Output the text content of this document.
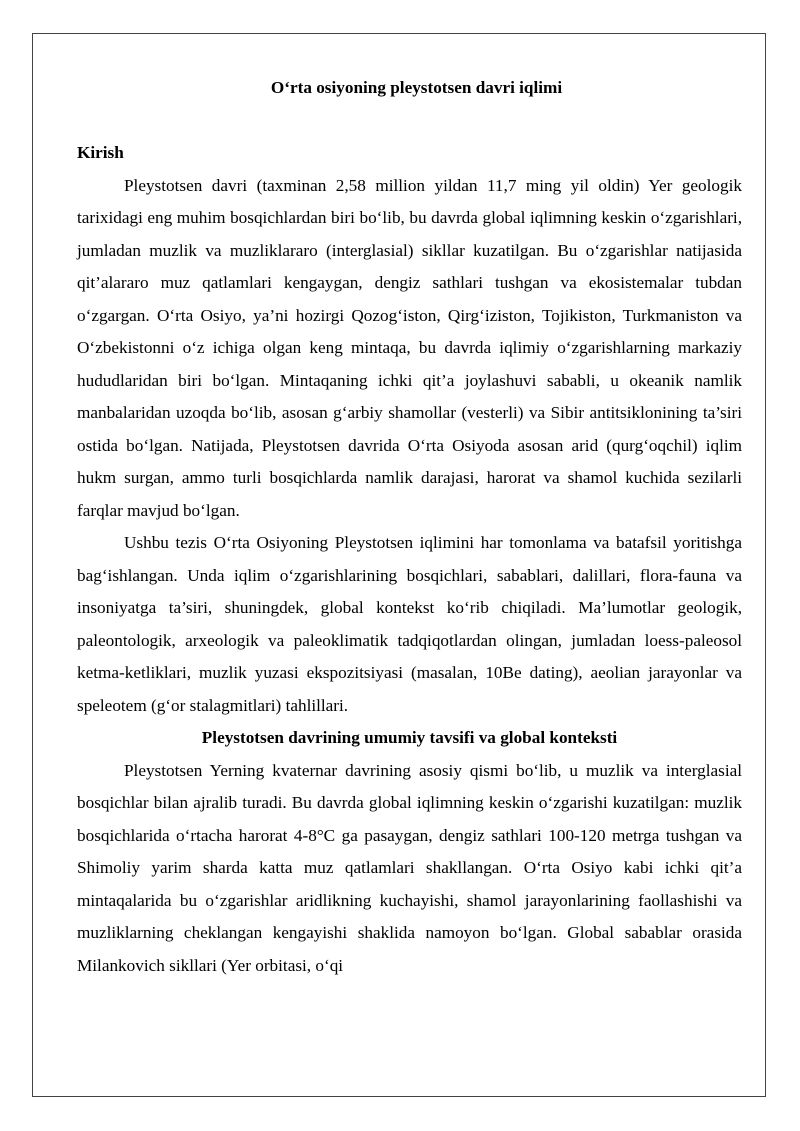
O‘rta osiyoning pleystotsen davri iqlimi

Kirish

Pleystotsen davri (taxminan 2,58 million yildan 11,7 ming yil oldin) Yer geologik tarixidagi eng muhim bosqichlardan biri bo‘lib, bu davrda global iqlimning keskin o‘zgarishlari, jumladan muzlik va muzliklararo (interglasial) sikllar kuzatilgan. Bu o‘zgarishlar natijasida qit’alararo muz qatlamlari kengaygan, dengiz sathlari tushgan va ekosistemalar tubdan o‘zgargan. O‘rta Osiyo, ya’ni hozirgi Qozog‘iston, Qirg‘iziston, Tojikiston, Turkmaniston va O‘zbekistonni o‘z ichiga olgan keng mintaqa, bu davrda iqlimiy o‘zgarishlarning markaziy hududlaridan biri bo‘lgan. Mintaqaning ichki qit’a joylashuvi sababli, u okeanik namlik manbalaridan uzoqda bo‘lib, asosan g‘arbiy shamollar (vesterli) va Sibir antitsiklonining ta’siri ostida bo‘lgan. Natijada, Pleystotsen davrida O‘rta Osiyoda asosan arid (qurg‘oqchil) iqlim hukm surgan, ammo turli bosqichlarda namlik darajasi, harorat va shamol kuchida sezilarli farqlar mavjud bo‘lgan.

Ushbu tezis O‘rta Osiyoning Pleystotsen iqlimini har tomonlama va batafsil yoritishga bag‘ishlangan. Unda iqlim o‘zgarishlarining bosqichlari, sabablari, dalillari, flora-fauna va insoniyatga ta’siri, shuningdek, global kontekst ko‘rib chiqiladi. Ma’lumotlar geologik, paleontologik, arxeologik va paleoklimatik tadqiqotlardan olingan, jumladan loess-paleosol ketma-ketliklari, muzlik yuzasi ekspozitsiyasi (masalan, 10Be dating), aeolian jarayonlar va speleotem (g‘or stalagmitlari) tahlillari.

Pleystotsen davrining umumiy tavsifi va global konteksti

Pleystotsen Yerning kvaternar davrining asosiy qismi bo‘lib, u muzlik va interglasial bosqichlar bilan ajralib turadi. Bu davrda global iqlimning keskin o‘zgarishi kuzatilgan: muzlik bosqichlarida o‘rtacha harorat 4-8°C ga pasaygan, dengiz sathlari 100-120 metrga tushgan va Shimoliy yarim sharda katta muz qatlamlari shakllangan. O‘rta Osiyo kabi ichki qit’a mintaqalarida bu o‘zgarishlar aridlikning kuchayishi, shamol jarayonlarining faollashishi va muzliklarning cheklangan kengayishi shaklida namoyon bo‘lgan. Global sabablar orasida Milankovich sikllari (Yer orbitasi, o‘qi
